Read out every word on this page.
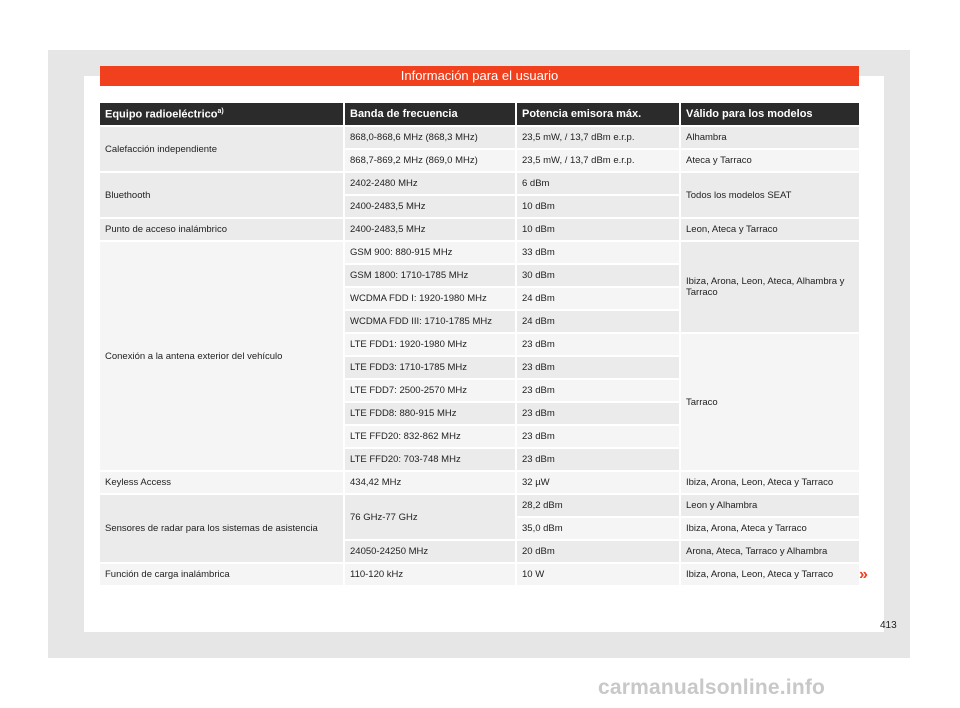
Información para el usuario
Equipo radioeléctrico$^{a)}$	Banda de frecuencia	Potencia emisora máx.	Válido para los modelos
Calefacción independiente	868,0-868,6 MHz (868,3 MHz)	23,5 mW, / 13,7 dBm e.r.p.	Alhambra
	868,7-869,2 MHz (869,0 MHz)	23,5 mW, / 13,7 dBm e.r.p.	Ateca y Tarraco
Bluethooth	2402-2480 MHz	6 dBm	Todos los modelos SEAT
	2400-2483,5 MHz	10 dBm	
Punto de acceso inalámbrico	2400-2483,5 MHz	10 dBm	Leon, Ateca y Tarraco
Conexión a la antena exterior del vehículo	GSM 900: 880-915 MHz	33 dBm	Ibiza, Arona, Leon, Ateca, Alhambra y Tarraco
	GSM 1800: 1710-1785 MHz	30 dBm	
	WCDMA FDD I: 1920-1980 MHz	24 dBm	
	WCDMA FDD III: 1710-1785 MHz	24 dBm	
	LTE FDD1: 1920-1980 MHz	23 dBm	Tarraco
	LTE FDD3: 1710-1785 MHz	23 dBm	
	LTE FDD7: 2500-2570 MHz	23 dBm	
	LTE FDD8: 880-915 MHz	23 dBm	
	LTE FFD20: 832-862 MHz	23 dBm	
	LTE FFD20: 703-748 MHz	23 dBm	
Keyless Access	434,42 MHz	32 µW	Ibiza, Arona, Leon, Ateca y Tarraco
Sensores de radar para los sistemas de asistencia	76 GHz-77 GHz	28,2 dBm	Leon y Alhambra
		35,0 dBm	Ibiza, Arona, Ateca y Tarraco
	24050-24250 MHz	20 dBm	Arona, Ateca, Tarraco y Alhambra
Función de carga inalámbrica	110-120 kHz	10 W	Ibiza, Arona, Leon, Ateca y Tarraco »
413
carmanualsonline.info
